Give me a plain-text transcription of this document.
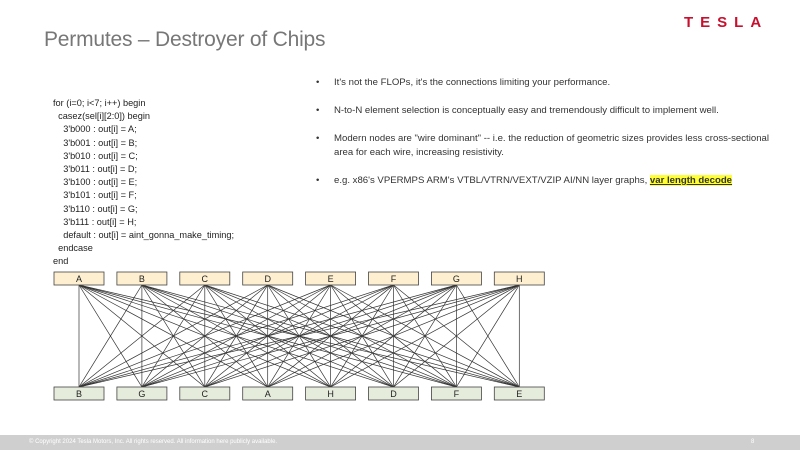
Permutes – Destroyer of Chips
TESLA
for (i=0; i<7; i++) begin
casez(sel[i][2:0]) begin
3'b000 : out[i] = A;
3'b001 : out[i] = B;
3'b010 : out[i] = C;
3'b011 : out[i] = D;
3'b100 : out[i] = E;
3'b101 : out[i] = F;
3'b110 : out[i] = G;
3'b111 : out[i] = H;
default : out[i] = aint_gonna_make_timing;
endcase
end
• It's not the FLOPs, it's the connections limiting your performance.
• N-to-N element selection is conceptually easy and tremendously difficult to implement well.
• Modern nodes are "wire dominant" -- i.e. the reduction of geometric sizes provides less cross-sectional area for each wire, increasing resistivity.
• e.g. x86's VPERMPS ARM's VTBL/VTRN/VEXT/VZIP AI/NN layer graphs, var length decode
A	B	C	D	E	F	G	H
B	G	C	A	H	D	F	E
© Copyright 2024 Tesla Motors, Inc. All rights reserved. All information here publicly available.	8
